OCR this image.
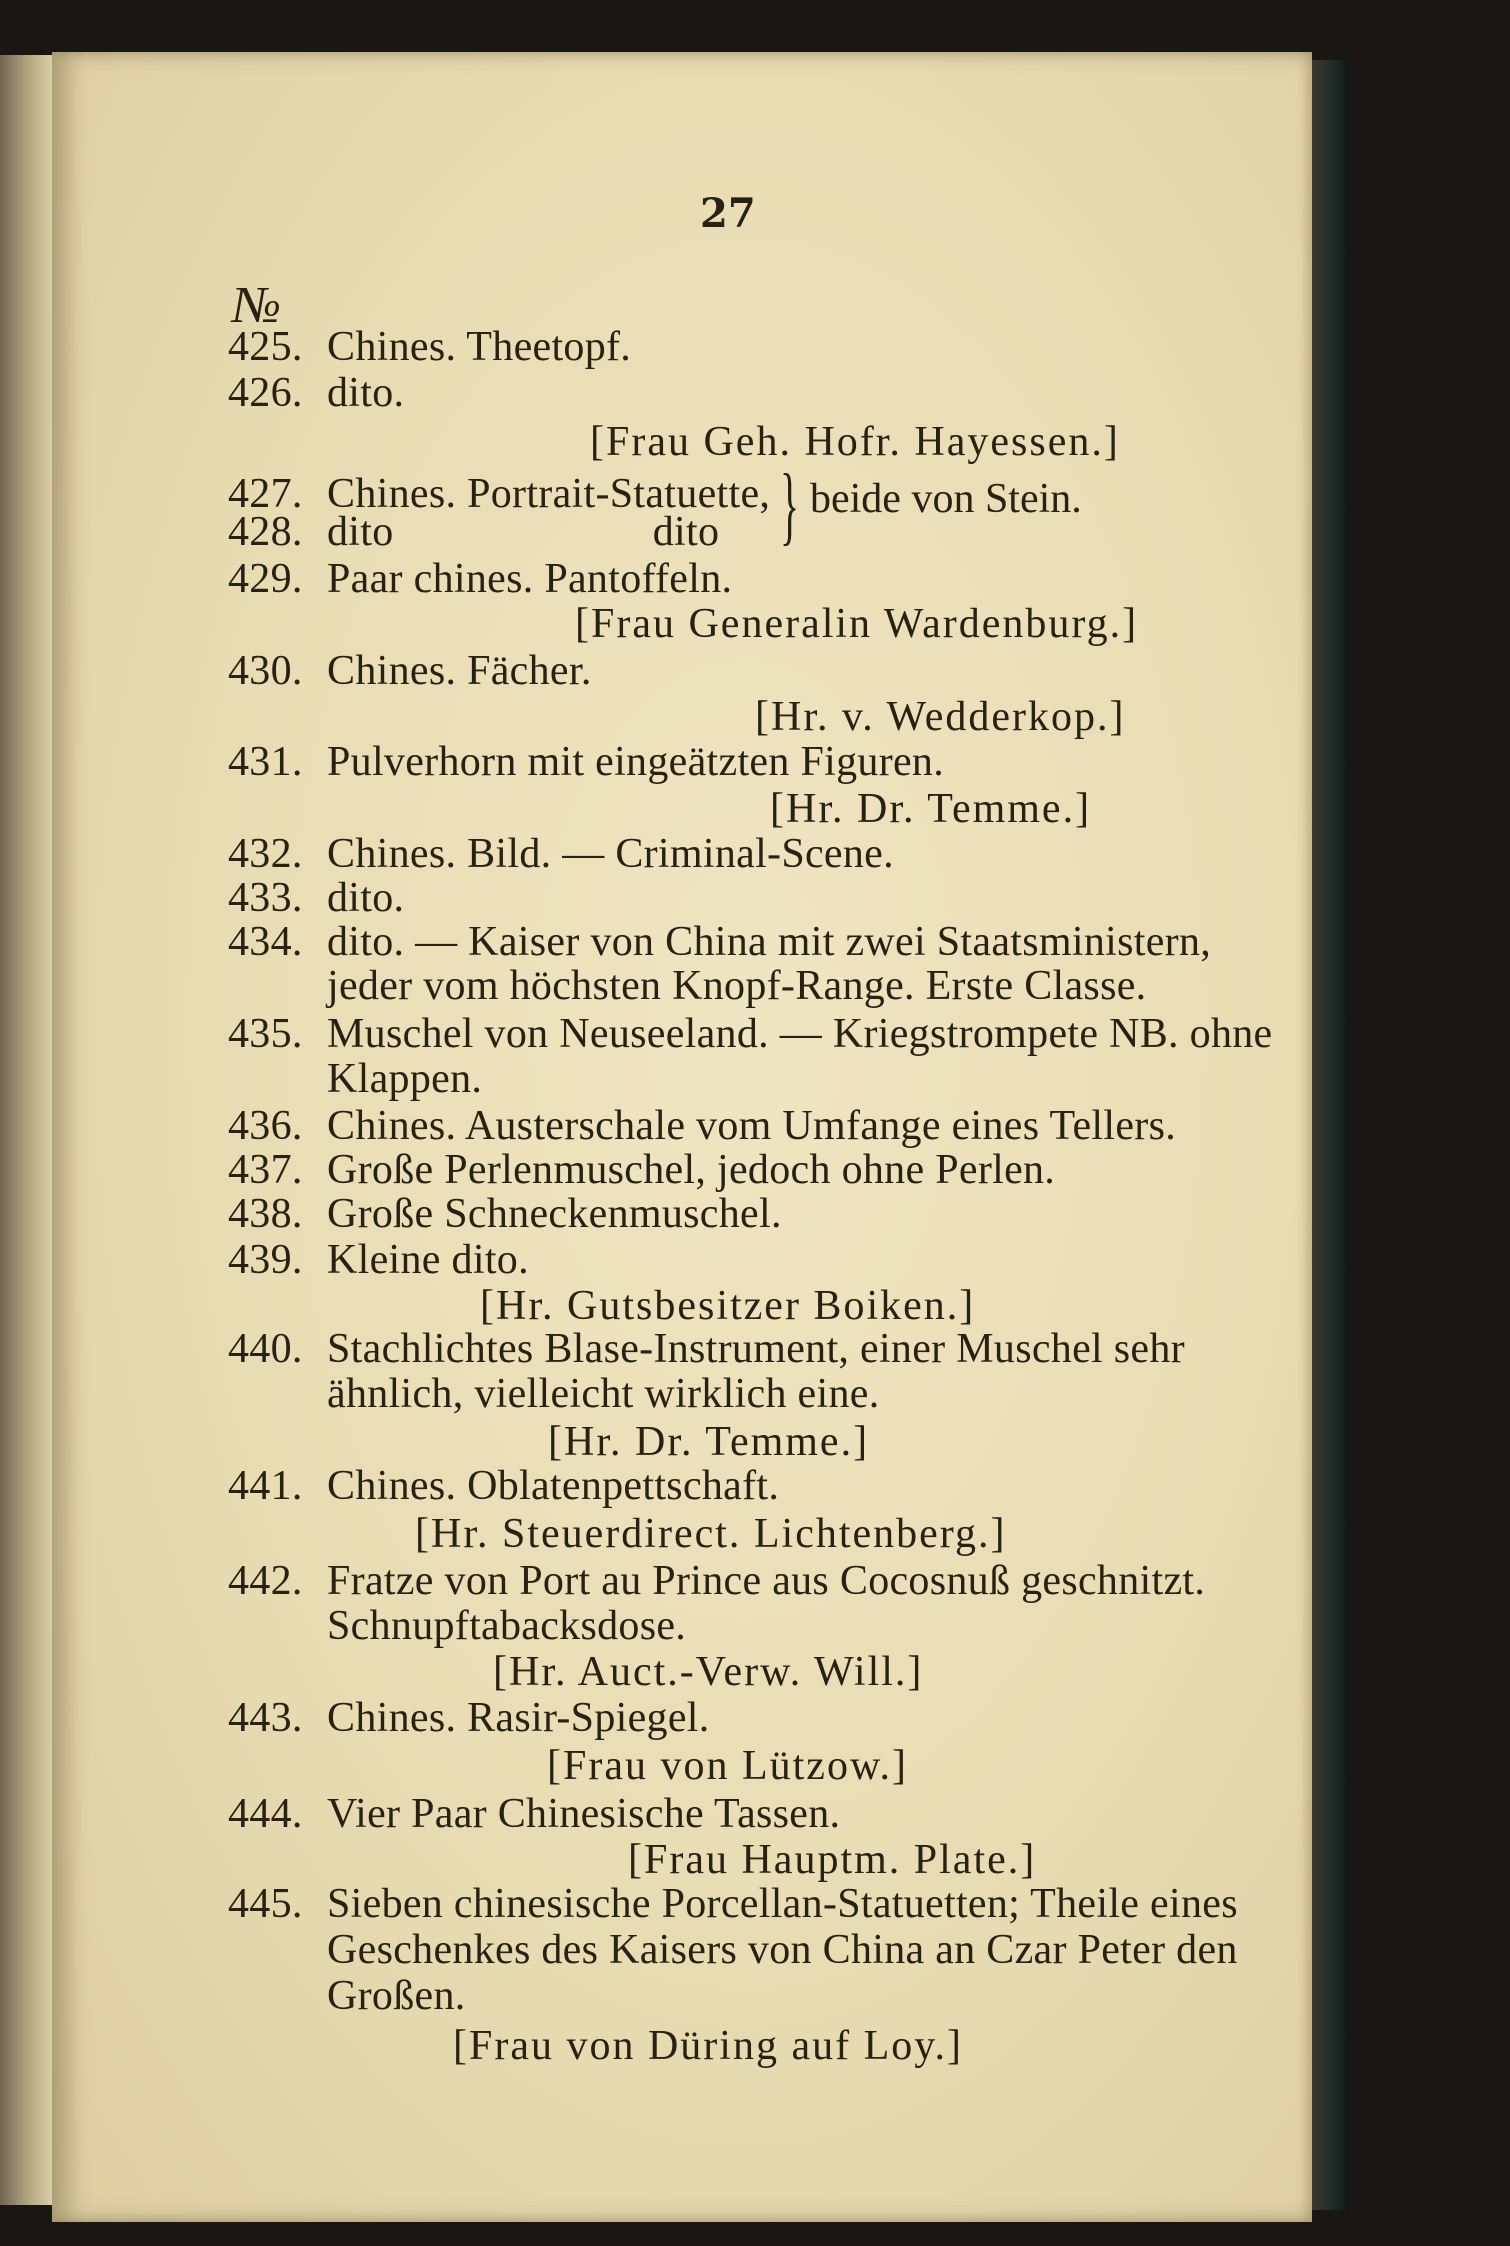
27
№
} beide von Stein.
425. Chines. Theetopf.
426. dito.
[Frau Geh. Hofr. Hayessen.]
427. Chines. Portrait-Statuette,
428. dito                        dito
429. Paar chines. Pantoffeln.
[Frau Generalin Wardenburg.]
430. Chines. Fächer.
[Hr. v. Wedderkop.]
431. Pulverhorn mit eingeätzten Figuren.
[Hr. Dr. Temme.]
432. Chines. Bild. — Criminal-Scene.
433. dito.
434. dito. — Kaiser von China mit zwei Staatsministern,
jeder vom höchsten Knopf-Range. Erste Classe.
435. Muschel von Neuseeland. — Kriegstrompete NB. ohne
Klappen.
436. Chines. Austerschale vom Umfange eines Tellers.
437. Große Perlenmuschel, jedoch ohne Perlen.
438. Große Schneckenmuschel.
439. Kleine dito.
[Hr. Gutsbesitzer Boiken.]
440. Stachlichtes Blase-Instrument, einer Muschel sehr
ähnlich, vielleicht wirklich eine.
[Hr. Dr. Temme.]
441. Chines. Oblatenpettschaft.
[Hr. Steuerdirect. Lichtenberg.]
442. Fratze von Port au Prince aus Cocosnuß geschnitzt.
Schnupftabacksdose.
[Hr. Auct.-Verw. Will.]
443. Chines. Rasir-Spiegel.
[Frau von Lützow.]
444. Vier Paar Chinesische Tassen.
[Frau Hauptm. Plate.]
445. Sieben chinesische Porcellan-Statuetten; Theile eines
Geschenkes des Kaisers von China an Czar Peter den
Großen.
[Frau von Düring auf Loy.]
